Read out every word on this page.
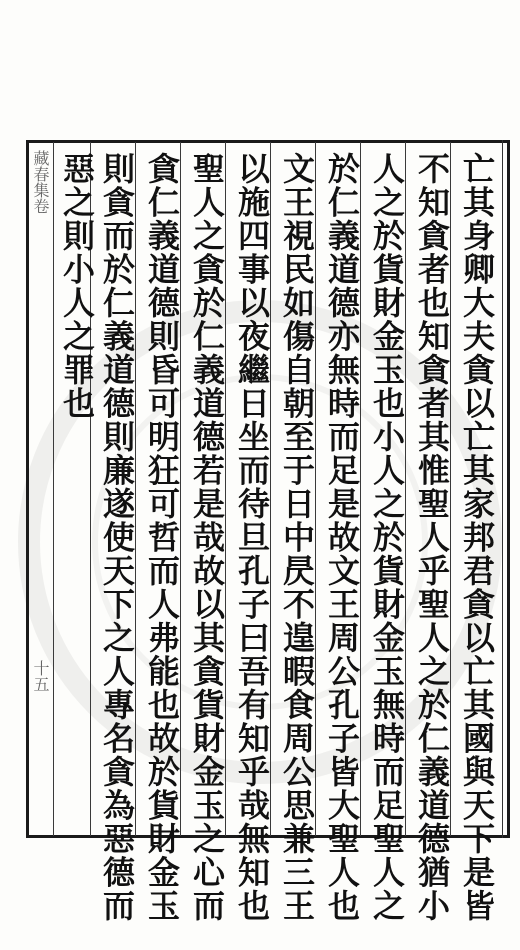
藏春集卷
十五	亡其身卿大夫貪以亡其家邦君貪以亡其國與天下是皆
不知貪者也知貪者其惟聖人乎聖人之於仁義道德猶小
人之於貨財金玉也小人之於貨財金玉無時而足聖人之
於仁義道德亦無時而足是故文王周公孔子皆大聖人也
文王視民如傷自朝至于日中昃不遑暇食周公思兼三王
以施四事以夜繼日坐而待旦孔子曰吾有知乎哉無知也
聖人之貪於仁義道德若是哉故以其貪貨財金玉之心而
貪仁義道德則昏可明狂可哲而人弗能也故於貨財金玉
則貪而於仁義道德則廉遂使天下之人專名貪為惡德而
惡之則小人之罪也
